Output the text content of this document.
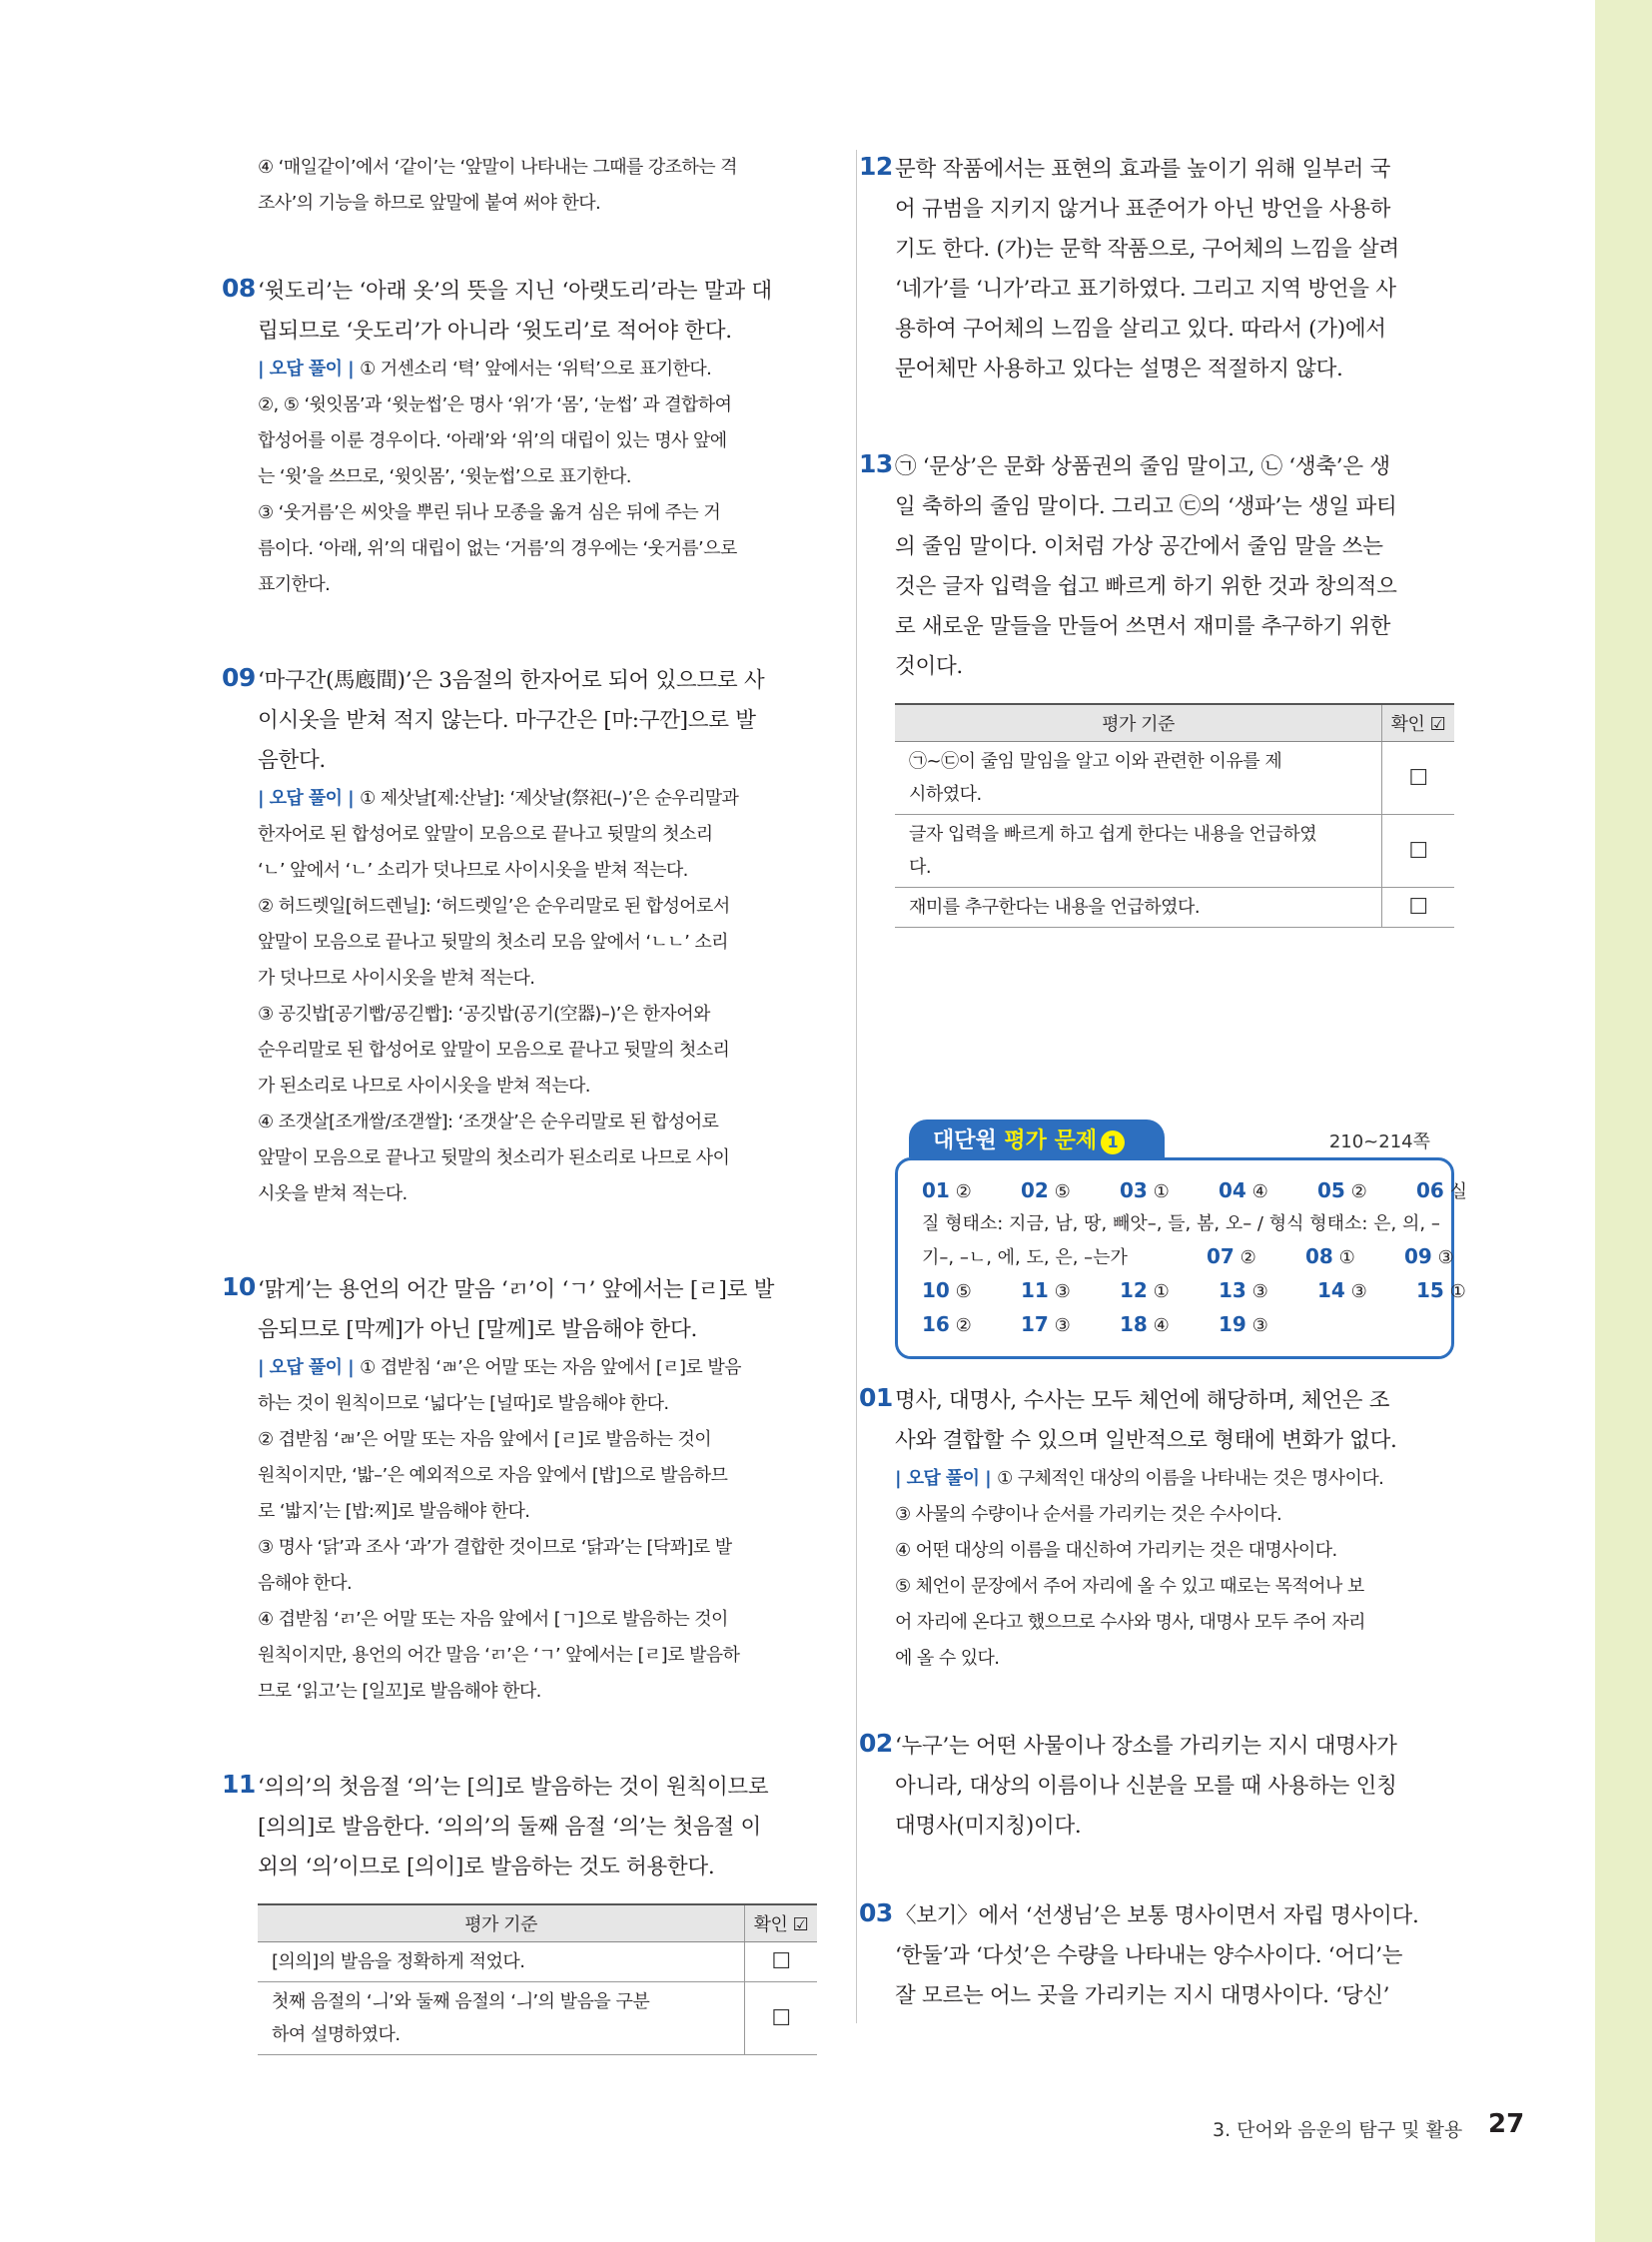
④ ‘매일같이’에서 ‘같이’는 ‘앞말이 나타내는 그때를 강조하는 격

조사’의 기능을 하므로 앞말에 붙여 써야 한다.

08 ‘윗도리’는 ‘아래 옷’의 뜻을 지닌 ‘아랫도리’라는 말과 대

립되므로 ‘웃도리’가 아니라 ‘윗도리’로 적어야 한다.

| 오답 풀이 | ① 거센소리 ‘텩’ 앞에서는 ‘위턱’으로 표기한다.

②, ⑤ ‘윗잇몸’과 ‘윗눈썹’은 명사 ‘위’가 ‘몸’, ‘눈썹’ 과 결합하여

합성어를 이룬 경우이다. ‘아래’와 ‘위’의 대립이 있는 명사 앞에

는 ‘윗’을 쓰므로, ‘윗잇몸’, ‘윗눈썹’으로 표기한다.

③ ‘웃거름’은 씨앗을 뿌린 뒤나 모종을 옮겨 심은 뒤에 주는 거

름이다. ‘아래, 위’의 대립이 없는 ‘거름’의 경우에는 ‘웃거름’으로

표기한다.

09 ‘마구간(馬廏間)’은 3음절의 한자어로 되어 있으므로 사

이시옷을 받쳐 적지 않는다. 마구간은 [마:구깐]으로 발

음한다.

| 오답 풀이 | ① 제삿날[제:산날]: ‘제삿날(祭祀(–)’은 순우리말과

한자어로 된 합성어로 앞말이 모음으로 끝나고 뒷말의 첫소리

‘ㄴ’ 앞에서 ‘ㄴ’ 소리가 덧나므로 사이시옷을 받쳐 적는다.

② 허드렛일[허드렌닐]: ‘허드렛일’은 순우리말로 된 합성어로서

앞말이 모음으로 끝나고 뒷말의 첫소리 모음 앞에서 ‘ㄴㄴ’ 소리

가 덧나므로 사이시옷을 받쳐 적는다.

③ 공깃밥[공기빱/공긷빱]: ‘공깃밥(공기(空器)–)’은 한자어와

순우리말로 된 합성어로 앞말이 모음으로 끝나고 뒷말의 첫소리

가 된소리로 나므로 사이시옷을 받쳐 적는다.

④ 조갯살[조개쌀/조갣쌀]: ‘조갯살’은 순우리말로 된 합성어로

앞말이 모음으로 끝나고 뒷말의 첫소리가 된소리로 나므로 사이

시옷을 받쳐 적는다.

10 ‘맑게’는 용언의 어간 말음 ‘ㄺ’이 ‘ㄱ’ 앞에서는 [ㄹ]로 발

음되므로 [막께]가 아닌 [말께]로 발음해야 한다.

| 오답 풀이 | ① 겹받침 ‘ㄼ’은 어말 또는 자음 앞에서 [ㄹ]로 발음

하는 것이 원칙이므로 ‘넓다’는 [널따]로 발음해야 한다.

② 겹받침 ‘ㄼ’은 어말 또는 자음 앞에서 [ㄹ]로 발음하는 것이

원칙이지만, ‘밟–’은 예외적으로 자음 앞에서 [밥]으로 발음하므

로 ‘밟지’는 [밥:찌]로 발음해야 한다.

③ 명사 ‘닭’과 조사 ‘과’가 결합한 것이므로 ‘닭과’는 [닥꽈]로 발

음해야 한다.

④ 겹받침 ‘ㄺ’은 어말 또는 자음 앞에서 [ㄱ]으로 발음하는 것이

원칙이지만, 용언의 어간 말음 ‘ㄺ’은 ‘ㄱ’ 앞에서는 [ㄹ]로 발음하

므로 ‘읽고’는 [일꼬]로 발음해야 한다.

11 ‘의의’의 첫음절 ‘의’는 [의]로 발음하는 것이 원칙이므로

[의의]로 발음한다. ‘의의’의 둘째 음절 ‘의’는 첫음절 이

외의 ‘의’이므로 [의이]로 발음하는 것도 허용한다.

평가 기준	확인 ☑
[의의]의 발음을 정확하게 적었다.	☐
첫째 음절의 ‘ㅢ’와 둘째 음절의 ‘ㅢ’의 발음을 구분
하여 설명하였다.	☐
12 문학 작품에서는 표현의 효과를 높이기 위해 일부러 국

어 규범을 지키지 않거나 표준어가 아닌 방언을 사용하

기도 한다. (가)는 문학 작품으로, 구어체의 느낌을 살려

‘네가’를 ‘니가’라고 표기하였다. 그리고 지역 방언을 사

용하여 구어체의 느낌을 살리고 있다. 따라서 (가)에서

문어체만 사용하고 있다는 설명은 적절하지 않다.

13 ㉠ ‘문상’은 문화 상품권의 줄임 말이고, ㉡ ‘생축’은 생

일 축하의 줄임 말이다. 그리고 ㉢의 ‘생파’는 생일 파티

의 줄임 말이다. 이처럼 가상 공간에서 줄임 말을 쓰는

것은 글자 입력을 쉽고 빠르게 하기 위한 것과 창의적으

로 새로운 말들을 만들어 쓰면서 재미를 추구하기 위한

것이다.

평가 기준	확인 ☑
㉠~㉢이 줄임 말임을 알고 이와 관련한 이유를 제
시하였다.	☐
글자 입력을 빠르게 하고 쉽게 한다는 내용을 언급하였
다.	☐
재미를 추구한다는 내용을 언급하였다.	☐
대단원 평가 문제 1	210~214쪽
01 ② 02 ⑤ 03 ① 04 ④ 05 ② 06 실
질 형태소: 지금, 남, 땅, 빼앗–, 들, 봄, 오– / 형식 형태소: 은, 의, –
기–, –ㄴ, 에, 도, 은, –는가	07 ② 08 ① 09 ③
10 ⑤ 11 ③ 12 ① 13 ③ 14 ③ 15 ①
16 ② 17 ③ 18 ④ 19 ③
01 명사, 대명사, 수사는 모두 체언에 해당하며, 체언은 조

사와 결합할 수 있으며 일반적으로 형태에 변화가 없다.

| 오답 풀이 | ① 구체적인 대상의 이름을 나타내는 것은 명사이다.

③ 사물의 수량이나 순서를 가리키는 것은 수사이다.

④ 어떤 대상의 이름을 대신하여 가리키는 것은 대명사이다.

⑤ 체언이 문장에서 주어 자리에 올 수 있고 때로는 목적어나 보

어 자리에 온다고 했으므로 수사와 명사, 대명사 모두 주어 자리

에 올 수 있다.

02 ‘누구’는 어떤 사물이나 장소를 가리키는 지시 대명사가

아니라, 대상의 이름이나 신분을 모를 때 사용하는 인칭

대명사(미지칭)이다.

03 〈보기〉에서 ‘선생님’은 보통 명사이면서 자립 명사이다.

‘한둘’과 ‘다섯’은 수량을 나타내는 양수사이다. ‘어디’는

잘 모르는 어느 곳을 가리키는 지시 대명사이다. ‘당신’

3. 단어와 음운의 탐구 및 활용 27
